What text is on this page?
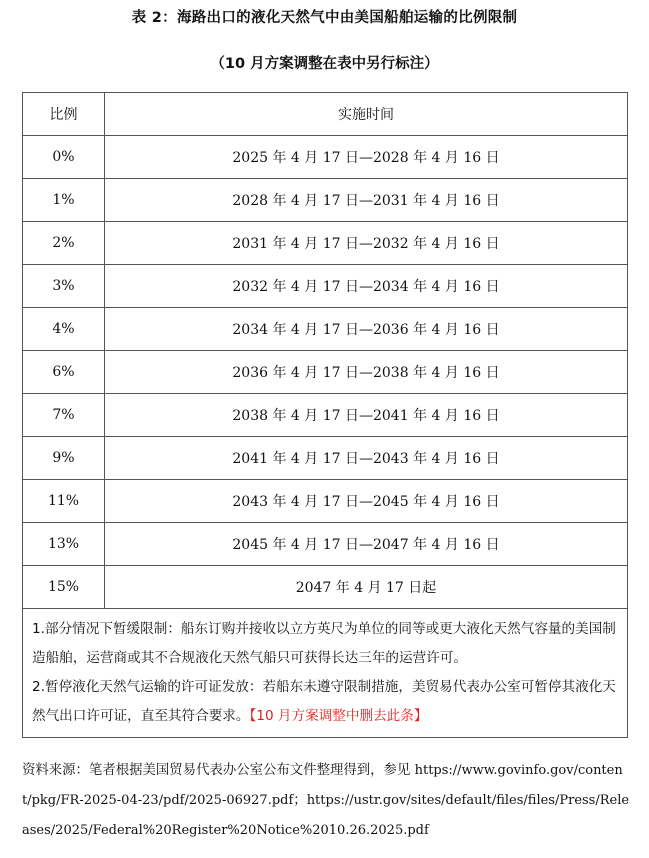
表 2：海路出口的液化天然气中由美国船舶运输的比例限制
（10 月方案调整在表中另行标注）
比例	实施时间
0%	2025 年 4 月 17 日—2028 年 4 月 16 日
1%	2028 年 4 月 17 日—2031 年 4 月 16 日
2%	2031 年 4 月 17 日—2032 年 4 月 16 日
3%	2032 年 4 月 17 日—2034 年 4 月 16 日
4%	2034 年 4 月 17 日—2036 年 4 月 16 日
6%	2036 年 4 月 17 日—2038 年 4 月 16 日
7%	2038 年 4 月 17 日—2041 年 4 月 16 日
9%	2041 年 4 月 17 日—2043 年 4 月 16 日
11%	2043 年 4 月 17 日—2045 年 4 月 16 日
13%	2045 年 4 月 17 日—2047 年 4 月 16 日
15%	2047 年 4 月 17 日起

1.部分情况下暂缓限制：船东订购并接收以立方英尺为单位的同等或更大液化天然气容量的美国制造船舶，运营商或其不合规液化天然气船只可获得长达三年的运营许可。
2.暂停液化天然气运输的许可证发放：若船东未遵守限制措施，美贸易代表办公室可暂停其液化天然气出口许可证，直至其符合要求。【10 月方案调整中删去此条】	
资料来源：笔者根据美国贸易代表办公室公布文件整理得到，参见 https://www.govinfo.gov/content/pkg/FR-2025-04-23/pdf/2025-06927.pdf；https://ustr.gov/sites/default/files/files/Press/Releases/2025/Federal%20Register%20Notice%2010.26.2025.pdf
